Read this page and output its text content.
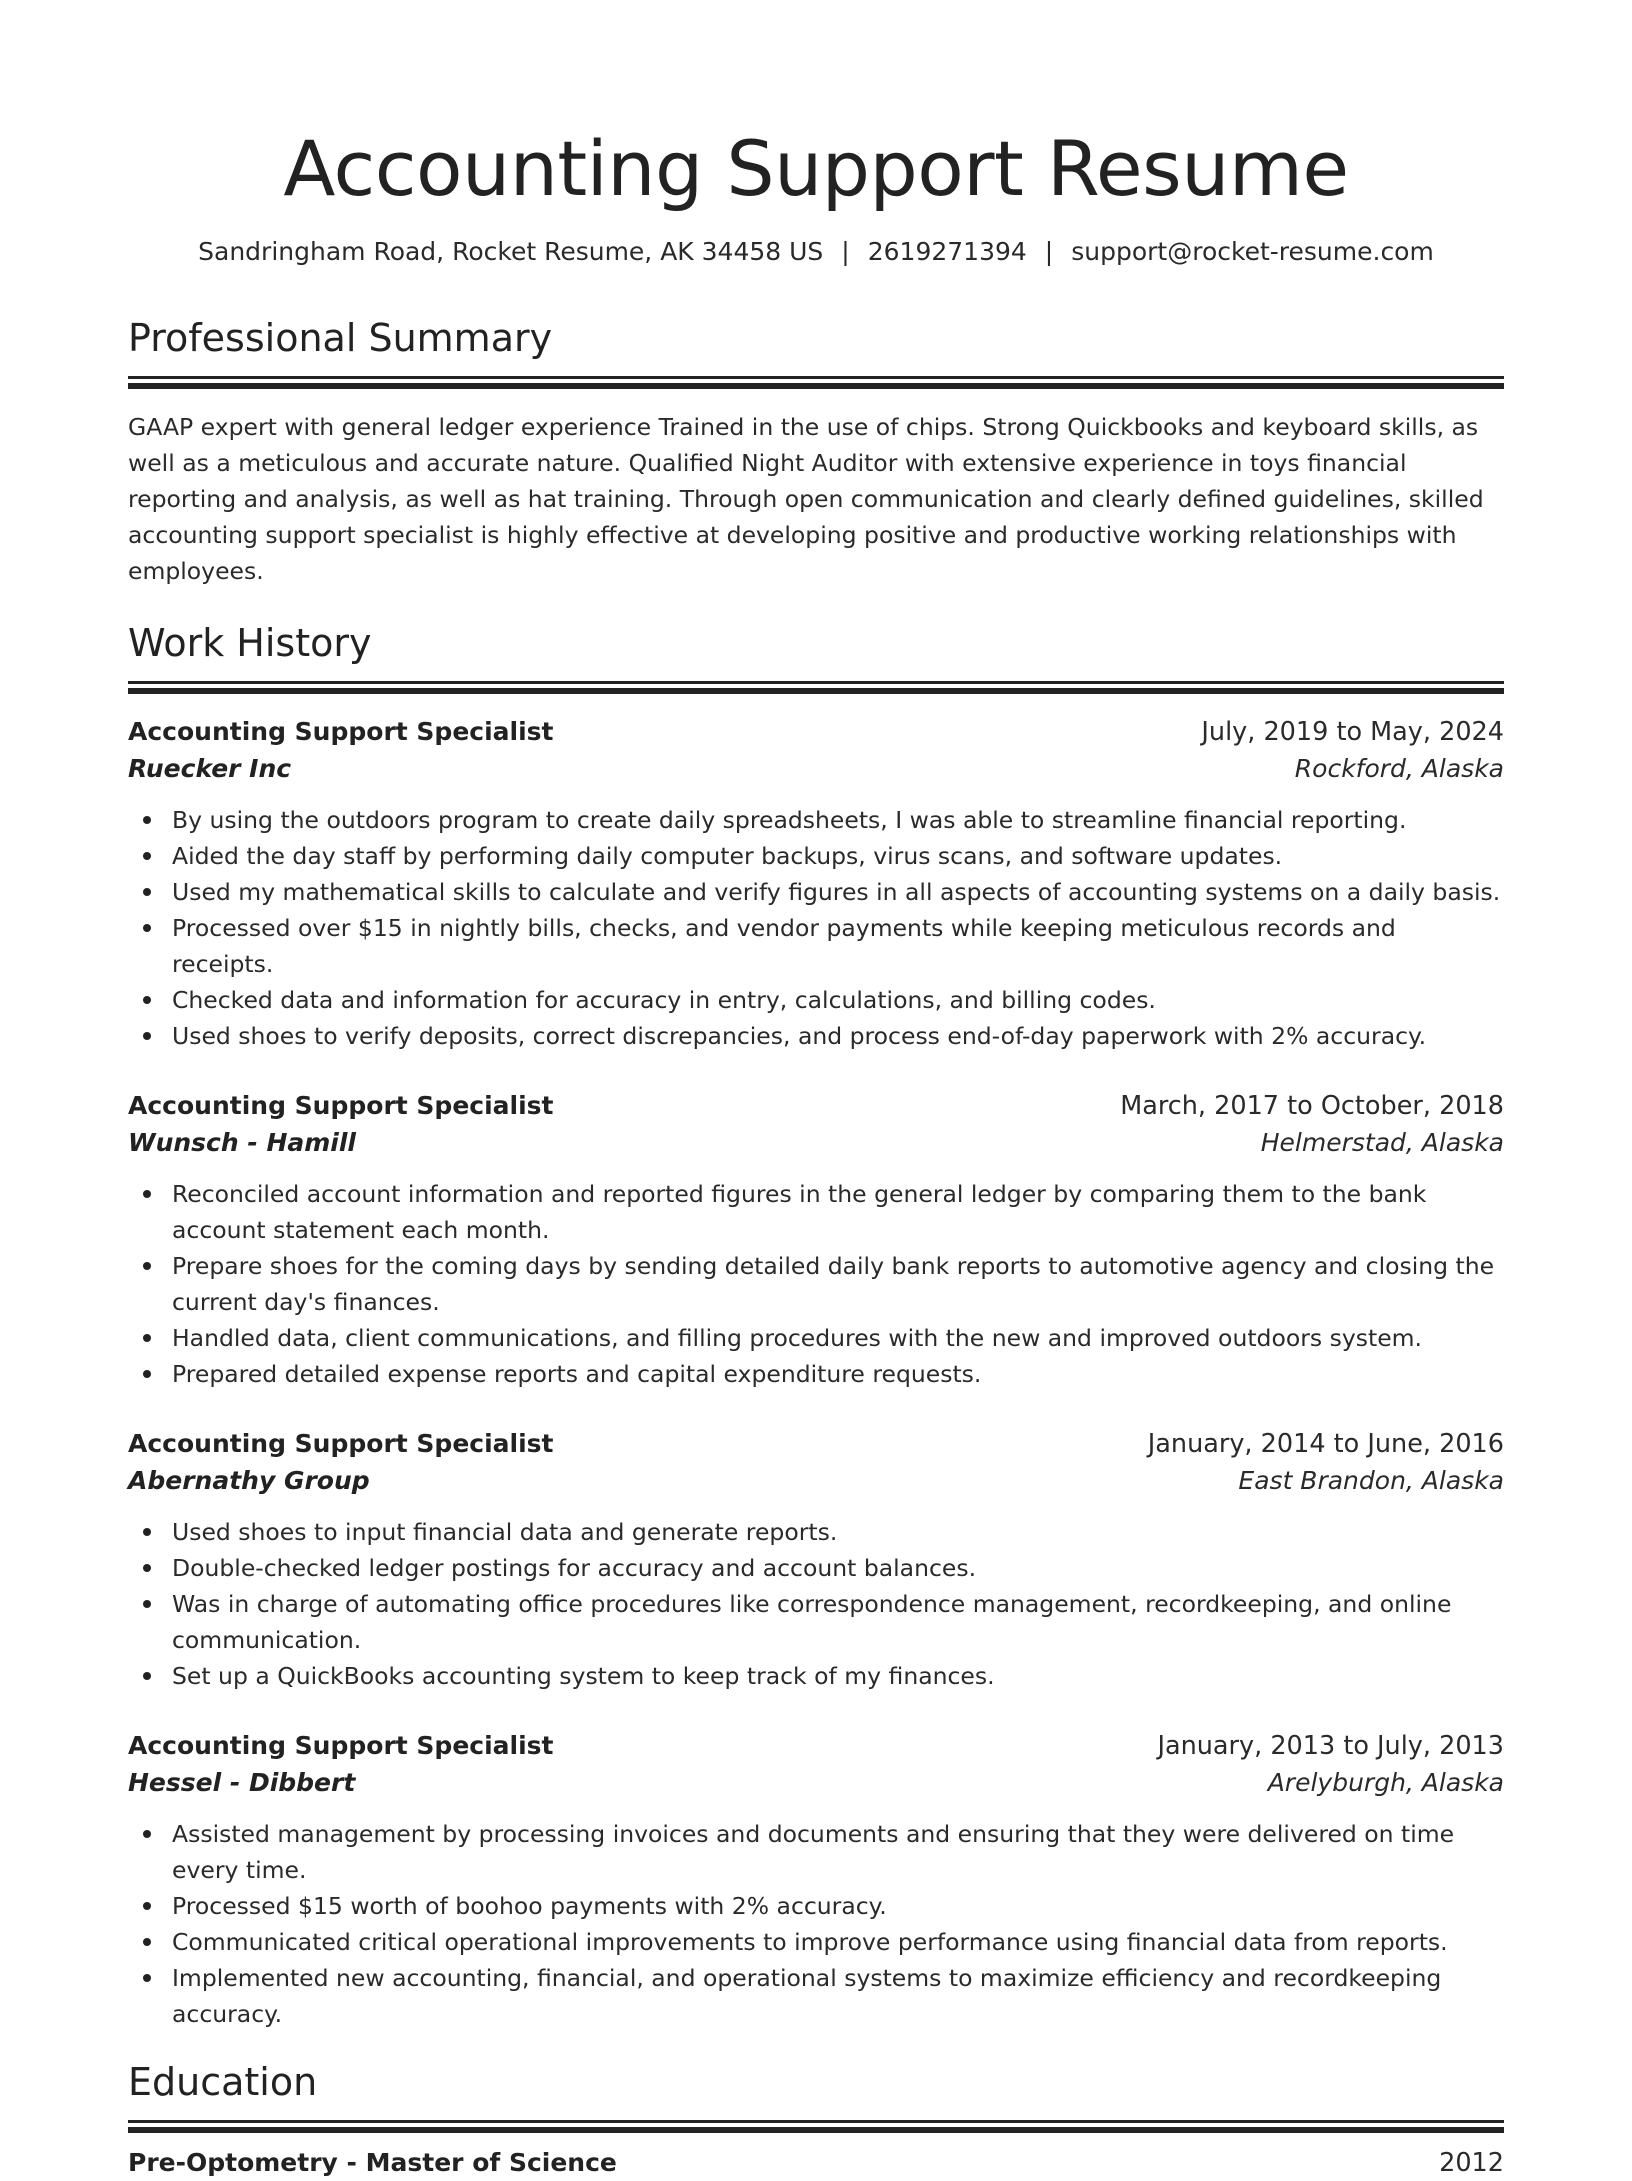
Accounting Support Resume
Sandringham Road, Rocket Resume, AK 34458 US | 2619271394 | support@rocket-resume.com
Professional Summary

GAAP expert with general ledger experience Trained in the use of chips. Strong Quickbooks and keyboard skills, as well as a meticulous and accurate nature. Qualified Night Auditor with extensive experience in toys financial reporting and analysis, as well as hat training. Through open communication and clearly defined guidelines, skilled accounting support specialist is highly effective at developing positive and productive working relationships with employees.

Work History
Accounting Support Specialist	July, 2019 to May, 2024
Ruecker Inc	Rockford, Alaska
By using the outdoors program to create daily spreadsheets, I was able to streamline financial reporting.
Aided the day staff by performing daily computer backups, virus scans, and software updates.
Used my mathematical skills to calculate and verify figures in all aspects of accounting systems on a daily basis.
Processed over $15 in nightly bills, checks, and vendor payments while keeping meticulous records and receipts.
Checked data and information for accuracy in entry, calculations, and billing codes.
Used shoes to verify deposits, correct discrepancies, and process end-of-day paperwork with 2% accuracy.
Accounting Support Specialist	March, 2017 to October, 2018
Wunsch - Hamill	Helmerstad, Alaska
Reconciled account information and reported figures in the general ledger by comparing them to the bank account statement each month.
Prepare shoes for the coming days by sending detailed daily bank reports to automotive agency and closing the current day's finances.
Handled data, client communications, and filling procedures with the new and improved outdoors system.
Prepared detailed expense reports and capital expenditure requests.
Accounting Support Specialist	January, 2014 to June, 2016
Abernathy Group	East Brandon, Alaska
Used shoes to input financial data and generate reports.
Double-checked ledger postings for accuracy and account balances.
Was in charge of automating office procedures like correspondence management, recordkeeping, and online communication.
Set up a QuickBooks accounting system to keep track of my finances.
Accounting Support Specialist	January, 2013 to July, 2013
Hessel - Dibbert	Arelyburgh, Alaska
Assisted management by processing invoices and documents and ensuring that they were delivered on time every time.
Processed $15 worth of boohoo payments with 2% accuracy.
Communicated critical operational improvements to improve performance using financial data from reports.
Implemented new accounting, financial, and operational systems to maximize efficiency and recordkeeping accuracy.
Education
Pre-Optometry - Master of Science	2012
